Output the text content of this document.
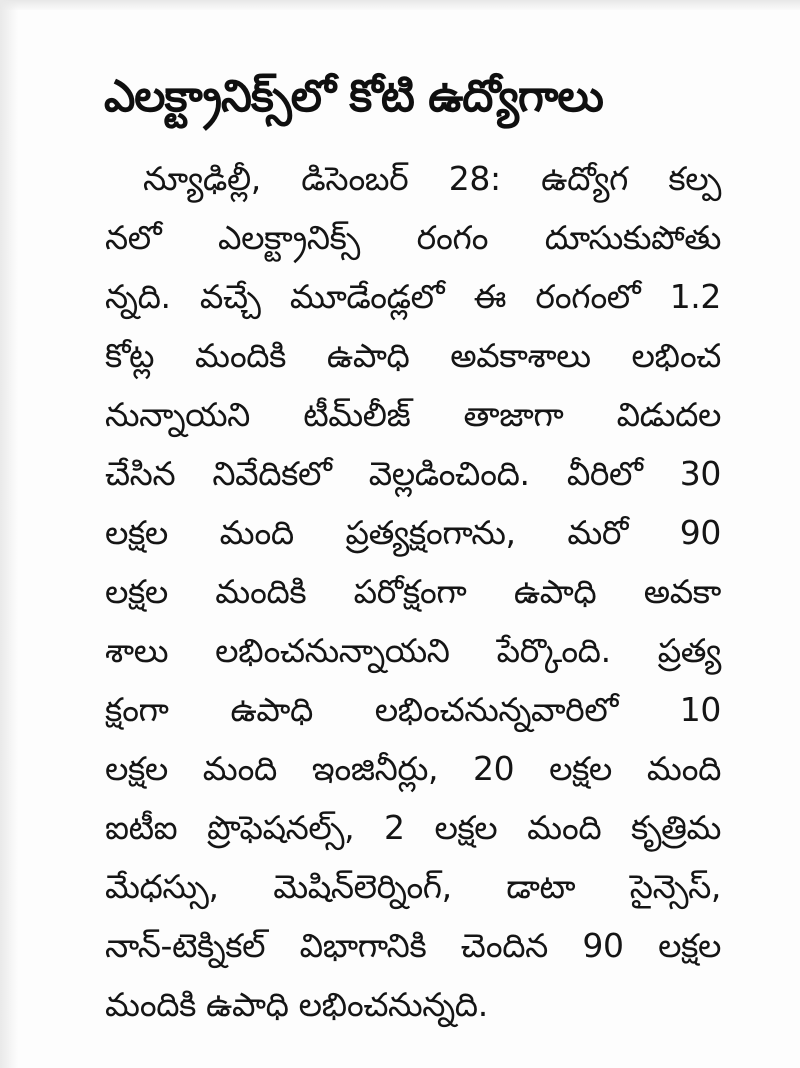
ఎలక్ట్రానిక్స్‌లో కోటి ఉద్యోగాలు
న్యూఢిల్లీ, డిసెంబర్ 28: ఉద్యోగ కల్ప
నలో ఎలక్ట్రానిక్స్ రంగం దూసుకుపోతు
న్నది. వచ్చే మూడేండ్లలో ఈ రంగంలో 1.2
కోట్ల మందికి ఉపాధి అవకాశాలు లభించ
నున్నాయని టీమ్‌లీజ్ తాజాగా విడుదల
చేసిన నివేదికలో వెల్లడించింది. వీరిలో 30
లక్షల మంది ప్రత్యక్షంగాను, మరో 90
లక్షల మందికి పరోక్షంగా ఉపాధి అవకా
శాలు లభించనున్నాయని పేర్కొంది. ప్రత్య
క్షంగా ఉపాధి లభించనున్నవారిలో 10
లక్షల మంది ఇంజినీర్లు, 20 లక్షల మంది
ఐటీఐ ప్రొఫెషనల్స్, 2 లక్షల మంది కృత్రిమ
మేధస్సు, మెషిన్‌లెర్నింగ్, డాటా సైన్సెస్,
నాన్-టెక్నికల్ విభాగానికి చెందిన 90 లక్షల
మందికి ఉపాధి లభించనున్నది.
